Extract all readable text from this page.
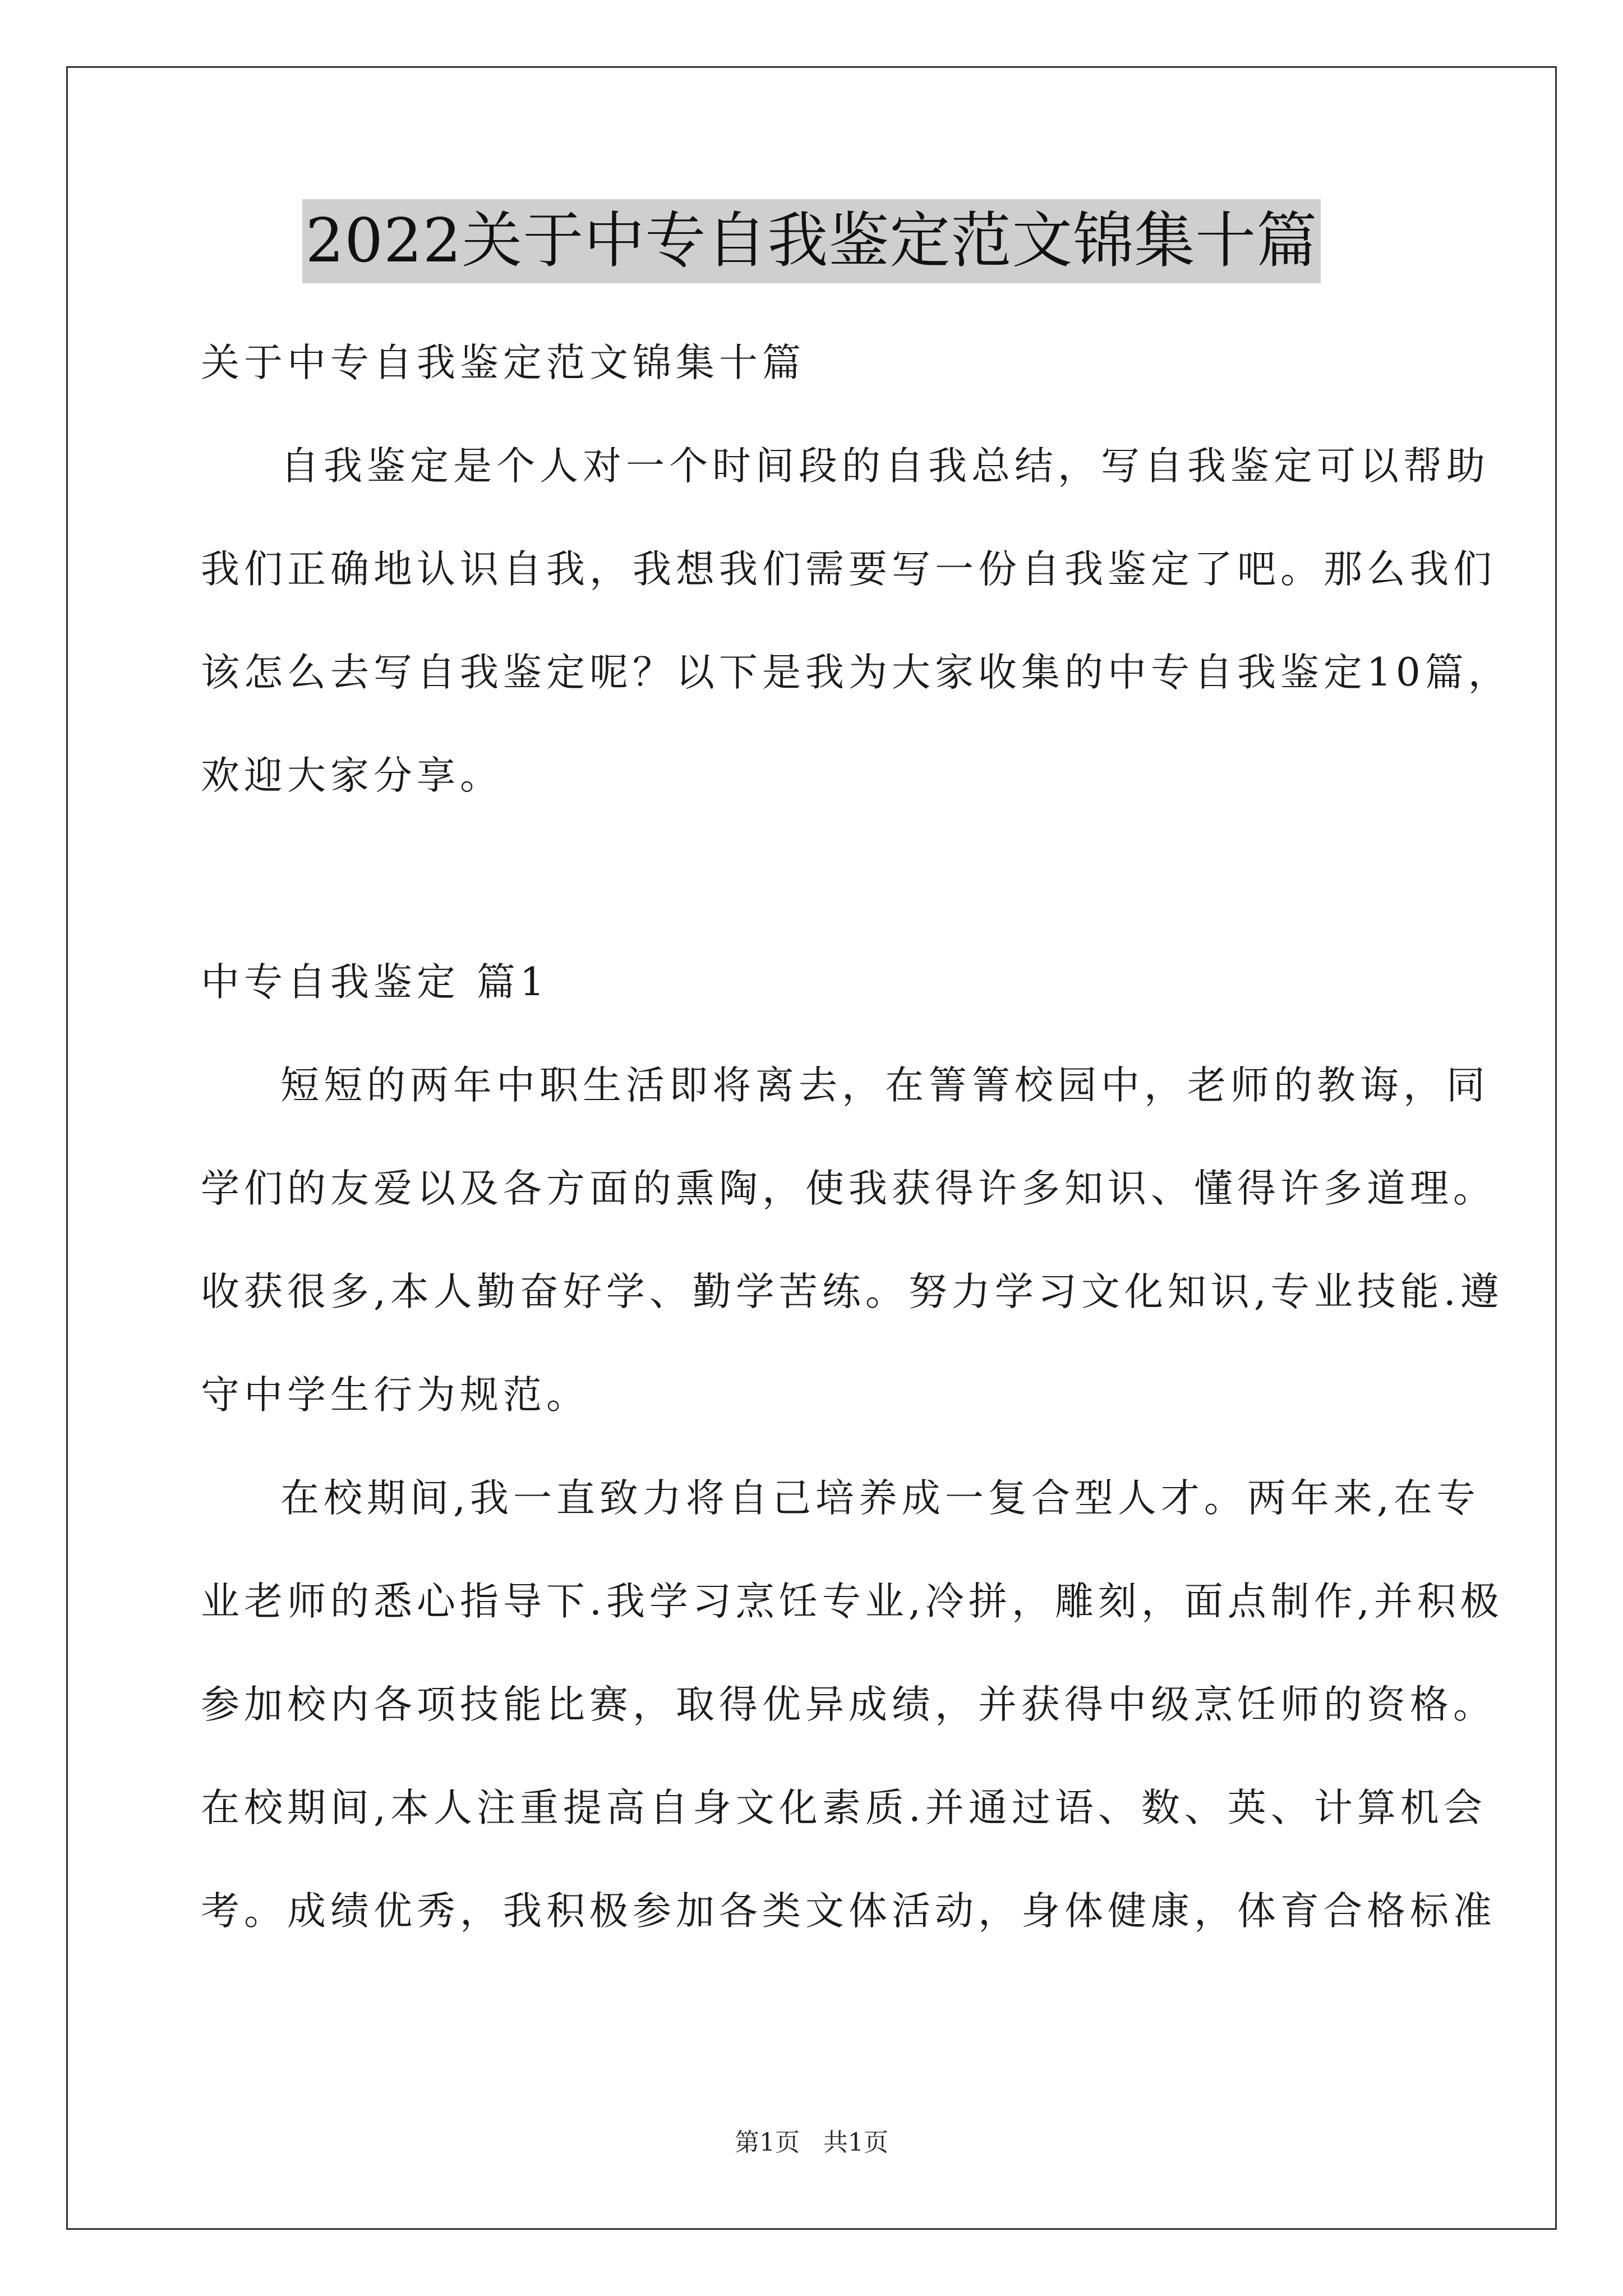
2022关于中专自我鉴定范文锦集十篇
关于中专自我鉴定范文锦集十篇
自我鉴定是个人对一个时间段的自我总结，写自我鉴定可以帮助
我们正确地认识自我，我想我们需要写一份自我鉴定了吧。那么我们
该怎么去写自我鉴定呢？以下是我为大家收集的中专自我鉴定10篇，
欢迎大家分享。
中专自我鉴定 篇1
短短的两年中职生活即将离去，在箐箐校园中，老师的教诲，同
学们的友爱以及各方面的熏陶，使我获得许多知识、懂得许多道理。
收获很多,本人勤奋好学、勤学苦练。努力学习文化知识,专业技能.遵
守中学生行为规范。
在校期间,我一直致力将自己培养成一复合型人才。两年来,在专
业老师的悉心指导下.我学习烹饪专业,冷拼，雕刻，面点制作,并积极
参加校内各项技能比赛，取得优异成绩，并获得中级烹饪师的资格。
在校期间,本人注重提高自身文化素质.并通过语、数、英、计算机会
考。成绩优秀，我积极参加各类文体活动，身体健康，体育合格标准
第1页   共1页
